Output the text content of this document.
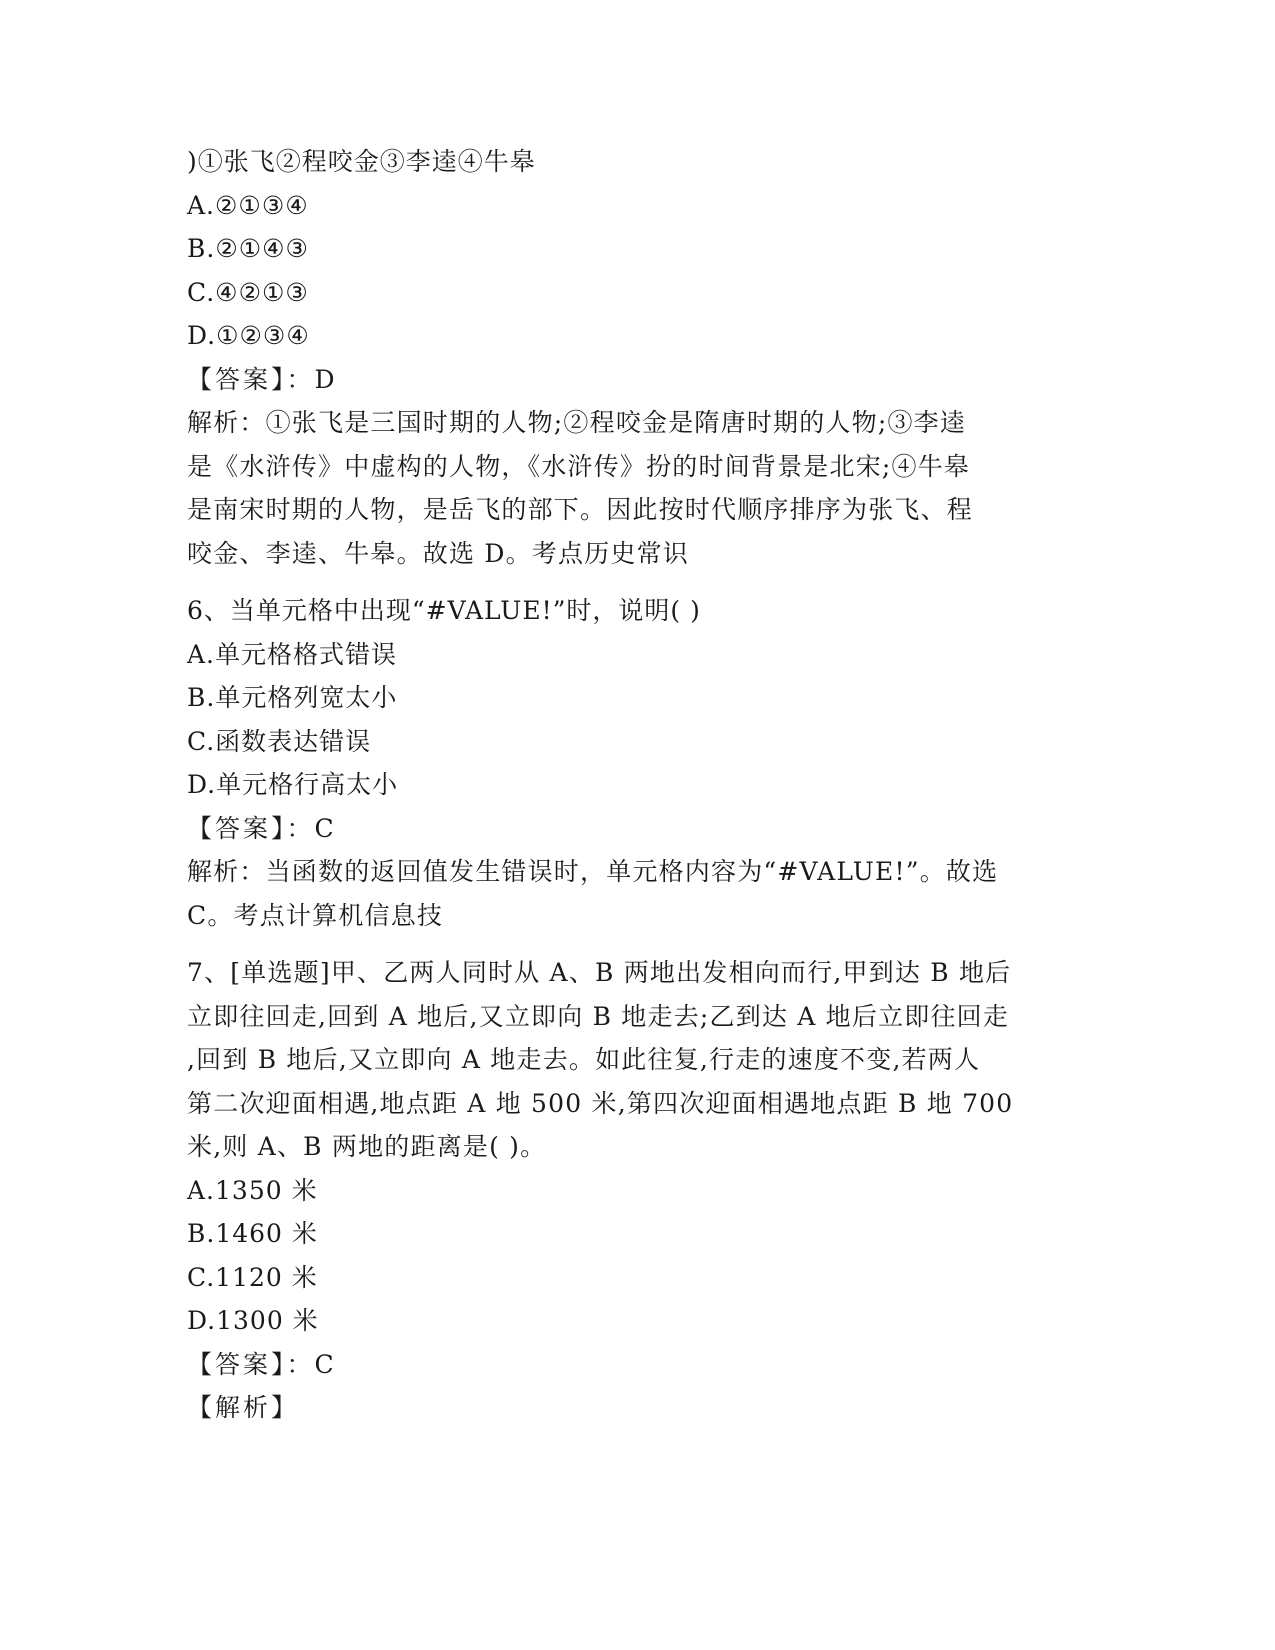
)①张飞②程咬金③李逵④牛皋
A.②①③④
B.②①④③
C.④②①③
D.①②③④
【答案】：D
解析：①张飞是三国时期的人物;②程咬金是隋唐时期的人物;③李逵
是《水浒传》中虚构的人物，《水浒传》扮的时间背景是北宋;④牛皋
是南宋时期的人物，是岳飞的部下。因此按时代顺序排序为张飞、程
咬金、李逵、牛皋。故选 D。考点历史常识
6、当单元格中出现“#VALUE!”时，说明( )
A.单元格格式错误
B.单元格列宽太小
C.函数表达错误
D.单元格行高太小
【答案】：C
解析：当函数的返回值发生错误时，单元格内容为“#VALUE!”。故选
C。考点计算机信息技
7、[单选题]甲、乙两人同时从 A、B 两地出发相向而行,甲到达 B 地后
立即往回走,回到 A 地后,又立即向 B 地走去;乙到达 A 地后立即往回走
,回到 B 地后,又立即向 A 地走去。如此往复,行走的速度不变,若两人
第二次迎面相遇,地点距 A 地 500 米,第四次迎面相遇地点距 B 地 700
米,则 A、B 两地的距离是( )。
A.1350 米
B.1460 米
C.1120 米
D.1300 米
【答案】：C
【解析】
